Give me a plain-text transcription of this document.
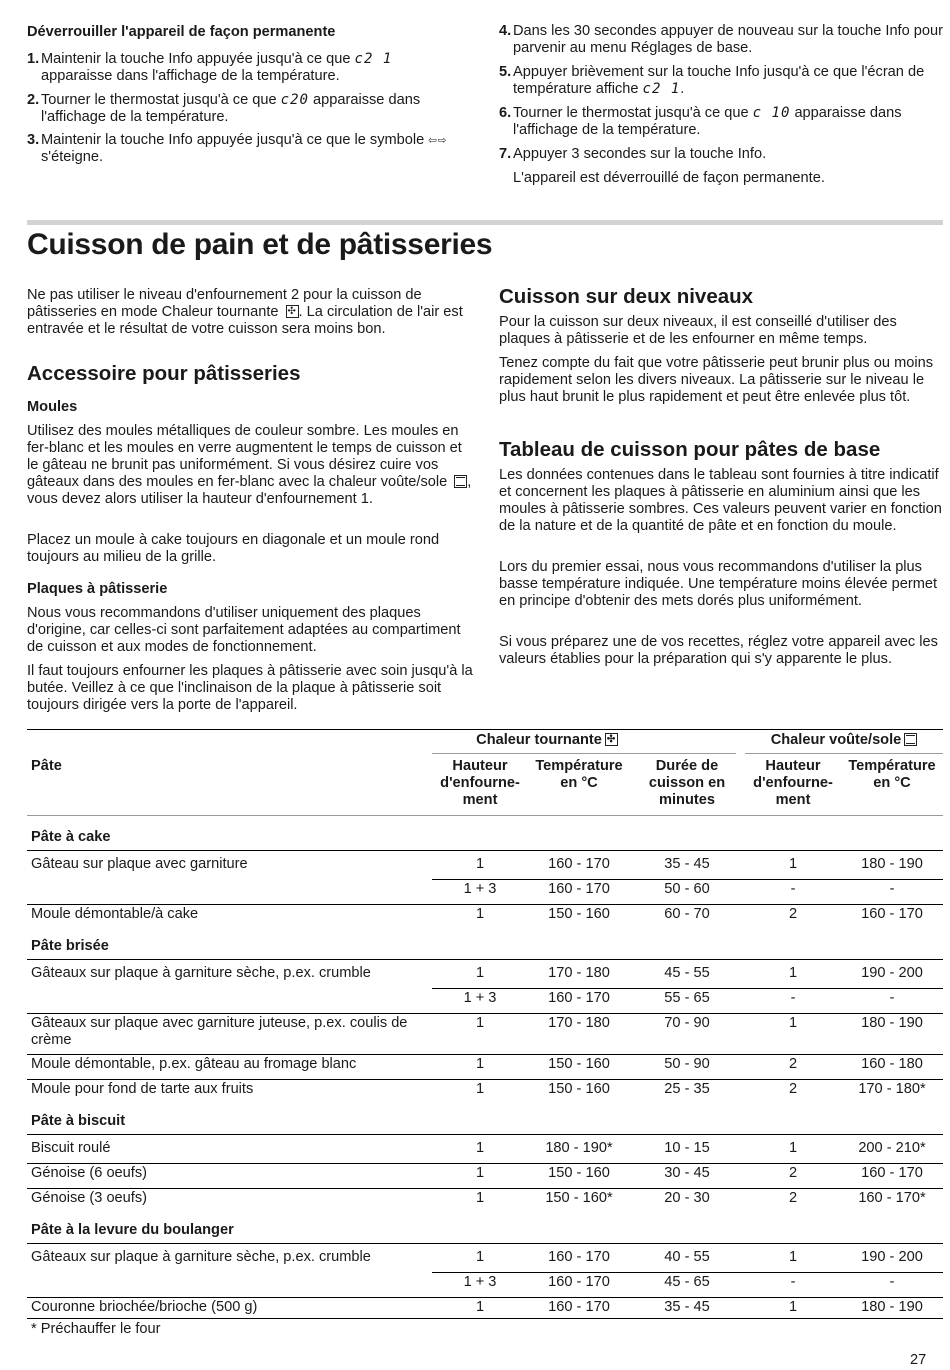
Déverrouiller l'appareil de façon permanente
1. Maintenir la touche Info appuyée jusqu'à ce que c2 1 apparaisse dans l'affichage de la température.
2. Tourner le thermostat jusqu'à ce que c20 apparaisse dans l'affichage de la température.
3. Maintenir la touche Info appuyée jusqu'à ce que le symbole ⇦⇨ s'éteigne.
4. Dans les 30 secondes appuyer de nouveau sur la touche Info pour parvenir au menu Réglages de base.
5. Appuyer brièvement sur la touche Info jusqu'à ce que l'écran de température affiche c2 1.
6. Tourner le thermostat jusqu'à ce que c 10 apparaisse dans l'affichage de la température.
7. Appuyer 3 secondes sur la touche Info.

L'appareil est déverrouillé de façon permanente.

Cuisson de pain et de pâtisseries

Ne pas utiliser le niveau d'enfournement 2 pour la cuisson de pâtisseries en mode Chaleur tournante ✣. La circulation de l'air est entravée et le résultat de votre cuisson sera moins bon.

Accessoire pour pâtisseries
Moules

Utilisez des moules métalliques de couleur sombre. Les moules en fer-blanc et les moules en verre augmentent le temps de cuisson et le gâteau ne brunit pas uniformément. Si vous désirez cuire vos gâteaux dans des moules en fer-blanc avec la chaleur voûte/sole , vous devez alors utiliser la hauteur d'enfournement 1.

Placez un moule à cake toujours en diagonale et un moule rond toujours au milieu de la grille.

Plaques à pâtisserie

Nous vous recommandons d'utiliser uniquement des plaques d'origine, car celles-ci sont parfaitement adaptées au compartiment de cuisson et aux modes de fonctionnement.

Il faut toujours enfourner les plaques à pâtisserie avec soin jusqu'à la butée. Veillez à ce que l'inclinaison de la plaque à pâtisserie soit toujours dirigée vers la porte de l'appareil.

Cuisson sur deux niveaux

Pour la cuisson sur deux niveaux, il est conseillé d'utiliser des plaques à pâtisserie et de les enfourner en même temps.

Tenez compte du fait que votre pâtisserie peut brunir plus ou moins rapidement selon les divers niveaux. La pâtisserie sur le niveau le plus haut brunit le plus rapidement et peut être enlevée plus tôt.

Tableau de cuisson pour pâtes de base

Les données contenues dans le tableau sont fournies à titre indicatif et concernent les plaques à pâtisserie en aluminium ainsi que les moules à pâtisserie sombres. Ces valeurs peuvent varier en fonction de la nature et de la quantité de pâte et en fonction du moule.

Lors du premier essai, nous vous recommandons d'utiliser la plus basse température indiquée. Une température moins élevée permet en principe d'obtenir des mets dorés plus uniformément.

Si vous préparez une de vos recettes, réglez votre appareil avec les valeurs établies pour la préparation qui s'y apparente le plus.

Chaleur tournante✣	Chaleur voûte/sole
Pâte	Hauteur d'enfourne-ment
Température en °C
Durée de cuisson en minutes
Hauteur d'enfourne-ment
Température en °C
Pâte à cake
Gâteau sur plaque avec garniture	1	160 - 170	35 - 45	1	180 - 190
1 + 3	160 - 170	50 - 60	-	-
Moule démontable/à cake	1	150 - 160	60 - 70	2	160 - 170
Pâte brisée
Gâteaux sur plaque à garniture sèche, p.ex. crumble	1	170 - 180	45 - 55	1	190 - 200
1 + 3	160 - 170	55 - 65	-	-
Gâteaux sur plaque avec garniture juteuse, p.ex. coulis de crème
1	170 - 180	70 - 90	1	180 - 190
Moule démontable, p.ex. gâteau au fromage blanc	1	150 - 160	50 - 90	2	160 - 180
Moule pour fond de tarte aux fruits	1	150 - 160	25 - 35	2	170 - 180*
Pâte à biscuit
Biscuit roulé	1	180 - 190*	10 - 15	1	200 - 210*
Génoise (6 oeufs)	1	150 - 160	30 - 45	2	160 - 170
Génoise (3 oeufs)	1	150 - 160*	20 - 30	2	160 - 170*
Pâte à la levure du boulanger
Gâteaux sur plaque à garniture sèche, p.ex. crumble	1	160 - 170	40 - 55	1	190 - 200
1 + 3	160 - 170	45 - 65	-	-
Couronne briochée/brioche (500 g)	1	160 - 170	35 - 45	1	180 - 190

* Préchauffer le four

27
